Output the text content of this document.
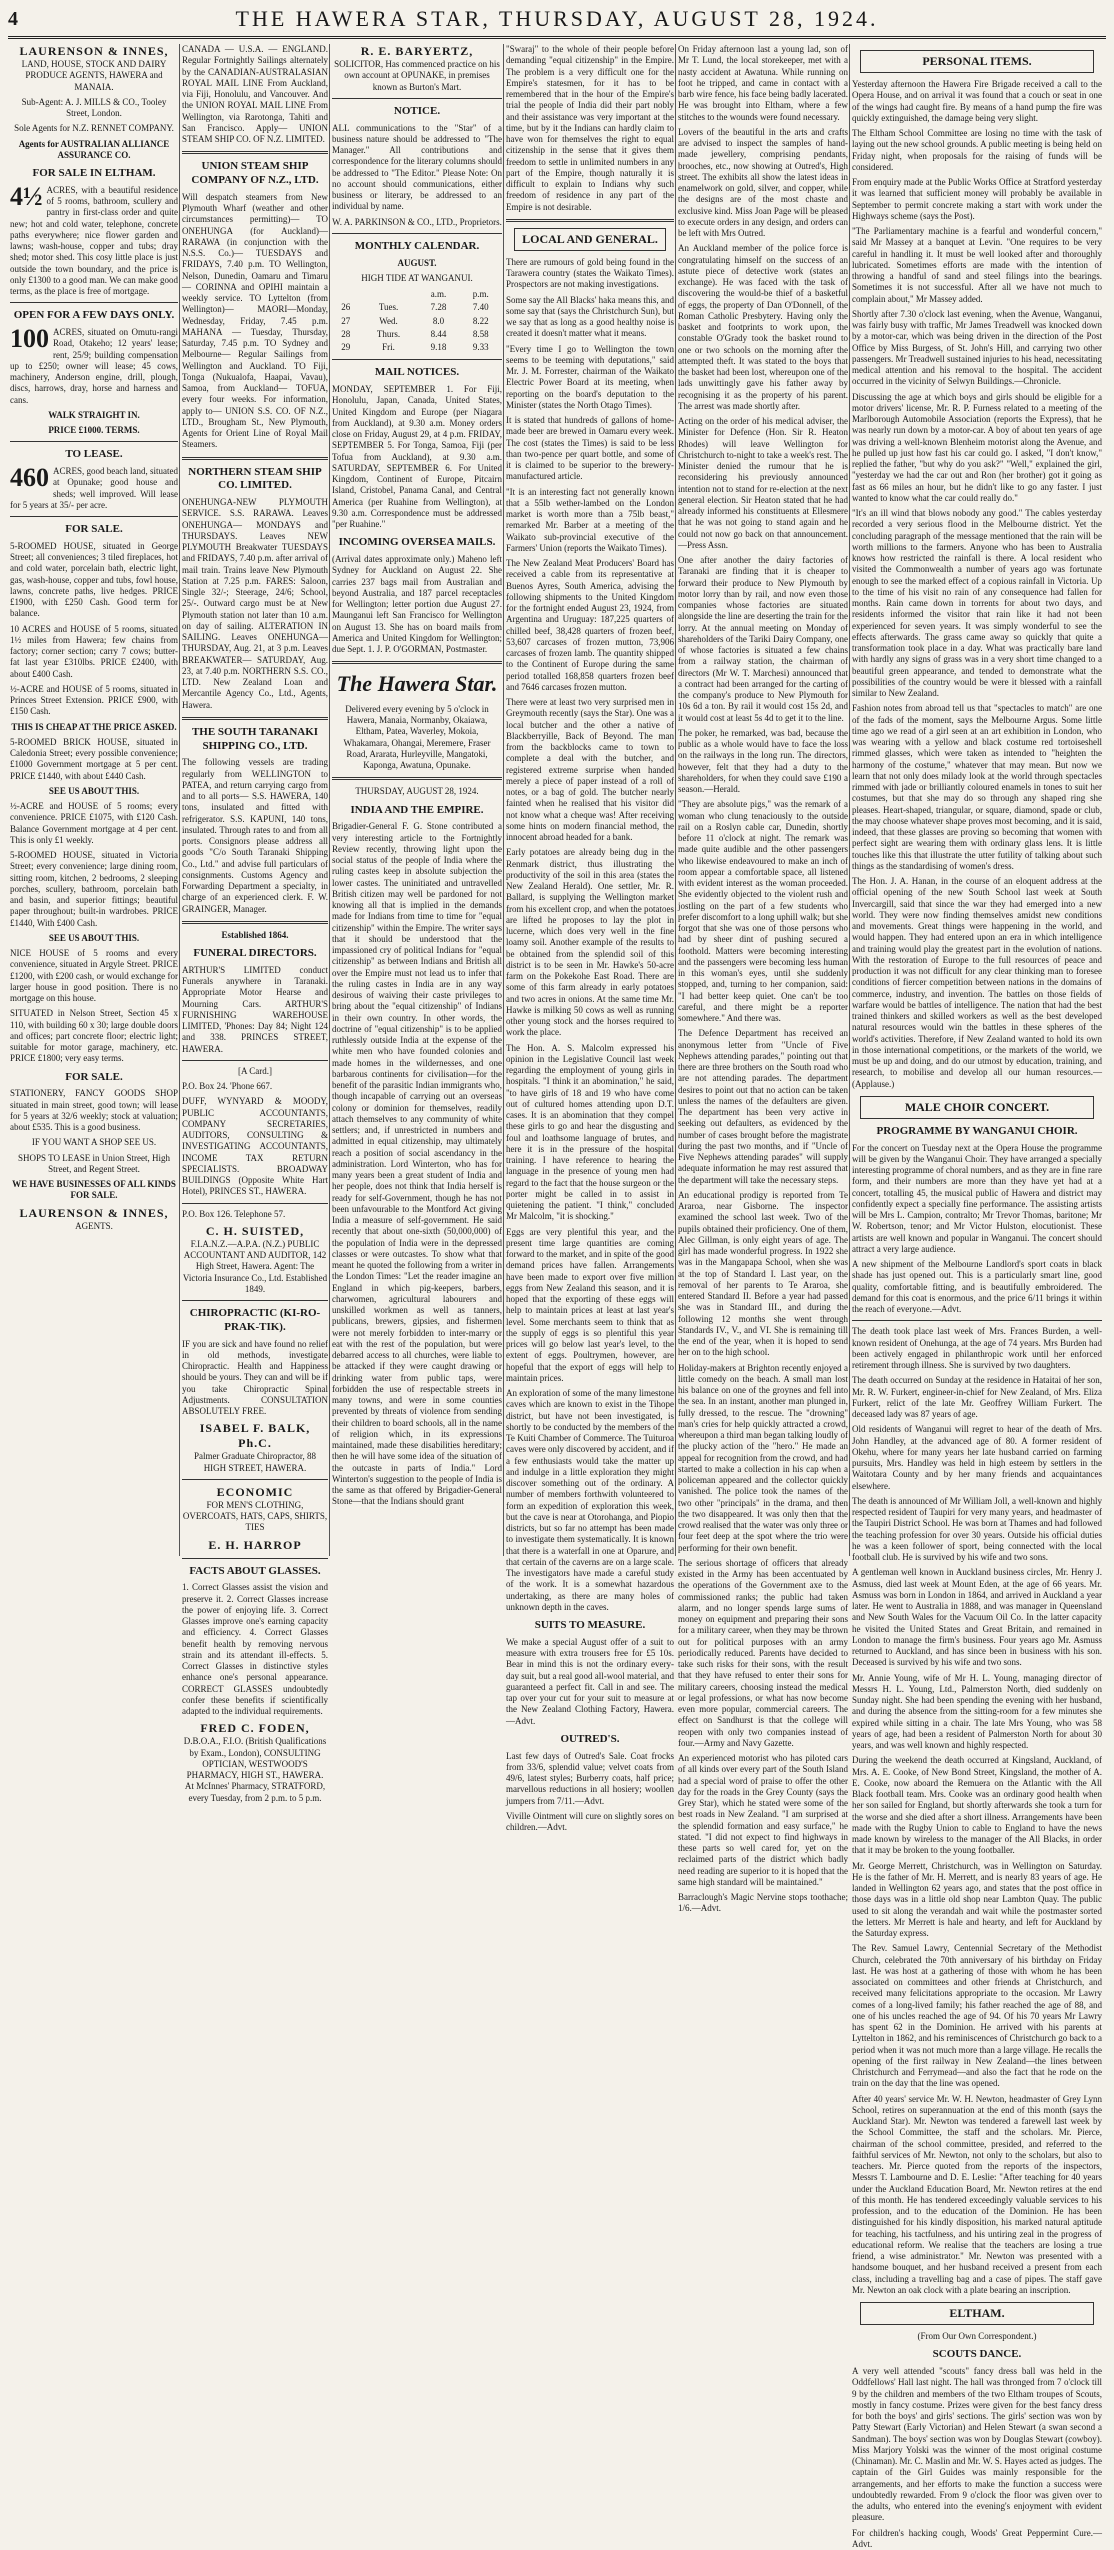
4	THE HAWERA STAR, THURSDAY, AUGUST 28, 1924.
LAURENSON & INNES,

LAND, HOUSE, STOCK AND DAIRY PRODUCE AGENTS, HAWERA and MANAIA.

Sub-Agent: A. J. MILLS & CO., Tooley Street, London.

Sole Agents for N.Z. RENNET COMPANY.

Agents for AUSTRALIAN ALLIANCE ASSURANCE CO.

FOR SALE IN ELTHAM.

4½ ACRES, with a beautiful residence of 5 rooms, bathroom, scullery and pantry in first-class order and quite new; hot and cold water, telephone, concrete paths everywhere; nice flower garden and lawns; wash-house, copper and tubs; dray shed; motor shed. This cosy little place is just outside the town boundary, and the price is only £1300 to a good man. We can make good terms, as the place is free of mortgage.

OPEN FOR A FEW DAYS ONLY.

100 ACRES, situated on Omutu-rangi Road, Otakeho; 12 years' lease; rent, 25/9; building compensation up to £250; owner will lease; 45 cows, machinery, Anderson engine, drill, plough, discs, harrows, dray, horse and harness and cans.

WALK STRAIGHT IN.

PRICE £1000. TERMS.

TO LEASE.

460 ACRES, good beach land, situated at Opunake; good house and sheds; well improved. Will lease for 5 years at 35/- per acre.

FOR SALE.

5-ROOMED HOUSE, situated in George Street; all conveniences; 3 tiled fireplaces, hot and cold water, porcelain bath, electric light, gas, wash-house, copper and tubs, fowl house, lawns, concrete paths, live hedges. PRICE £1900, with £250 Cash. Good term for balance.

10 ACRES and HOUSE of 5 rooms, situated 1½ miles from Hawera; few chains from factory; corner section; carry 7 cows; butter-fat last year £310lbs. PRICE £2400, with about £400 Cash.

½-ACRE and HOUSE of 5 rooms, situated in Princes Street Extension. PRICE £900, with £150 Cash.

THIS IS CHEAP AT THE PRICE ASKED.

5-ROOMED BRICK HOUSE, situated in Caledonia Street; every possible convenience; £1000 Government mortgage at 5 per cent. PRICE £1440, with about £440 Cash.

SEE US ABOUT THIS.

½-ACRE and HOUSE of 5 rooms; every convenience. PRICE £1075, with £120 Cash. Balance Government mortgage at 4 per cent. This is only £1 weekly.

5-ROOMED HOUSE, situated in Victoria Street; every convenience; large dining room, sitting room, kitchen, 2 bedrooms, 2 sleeping porches, scullery, bathroom, porcelain bath and basin, and superior fittings; beautiful paper throughout; built-in wardrobes. PRICE £1440, With £400 Cash.

SEE US ABOUT THIS.

NICE HOUSE of 5 rooms and every convenience, situated in Argyle Street. PRICE £1200, with £200 cash, or would exchange for larger house in good position. There is no mortgage on this house.

SITUATED in Nelson Street, Section 45 x 110, with building 60 x 30; large double doors and offices; part concrete floor; electric light; suitable for motor garage, machinery, etc. PRICE £1800; very easy terms.

FOR SALE.

STATIONERY, FANCY GOODS SHOP situated in main street, good town; will lease for 5 years at 32/6 weekly; stock at valuation; about £535. This is a good business.

IF YOU WANT A SHOP SEE US.

SHOPS TO LEASE in Union Street, High Street, and Regent Street.

WE HAVE BUSINESSES OF ALL KINDS FOR SALE.

LAURENSON & INNES,

AGENTS.

CANADA — U.S.A. — ENGLAND. Regular Fortnightly Sailings alternately by the CANADIAN-AUSTRALASIAN ROYAL MAIL LINE From Auckland, via Fiji, Honolulu, and Vancouver. And the UNION ROYAL MAIL LINE From Wellington, via Rarotonga, Tahiti and San Francisco. Apply— UNION STEAM SHIP CO. OF N.Z. LIMITED.

UNION STEAM SHIP COMPANY OF N.Z., LTD.

Will despatch steamers from New Plymouth Wharf (weather and other circumstances permitting)— TO ONEHUNGA (for Auckland)— RARAWA (in conjunction with the N.S.S. Co.)— TUESDAYS and FRIDAYS, 7.40 p.m. TO Wellington, Nelson, Dunedin, Oamaru and Timaru— CORINNA and OPIHI maintain a weekly service. TO Lyttelton (from Wellington)— MAORI—Monday, Wednesday, Friday, 7.45 p.m. MAHANA — Tuesday, Thursday, Saturday, 7.45 p.m. TO Sydney and Melbourne— Regular Sailings from Wellington and Auckland. TO Fiji, Tonga (Nukualofa, Haapai, Vavau), Samoa, from Auckland— TOFUA, every four weeks. For information, apply to— UNION S.S. CO. OF N.Z., LTD., Brougham St., New Plymouth, Agents for Orient Line of Royal Mail Steamers.

NORTHERN STEAM SHIP CO. LIMITED.

ONEHUNGA-NEW PLYMOUTH SERVICE. S.S. RARAWA. Leaves ONEHUNGA— MONDAYS and THURSDAYS. Leaves NEW PLYMOUTH Breakwater TUESDAYS and FRIDAYS, 7.40 p.m. after arrival of mail train. Trains leave New Plymouth Station at 7.25 p.m. FARES: Saloon, Single 32/-; Steerage, 24/6; School, 25/-. Outward cargo must be at New Plymouth station not later than 10 a.m. on day of sailing. ALTERATION IN SAILING. Leaves ONEHUNGA— THURSDAY, Aug. 21, at 3 p.m. Leaves BREAKWATER— SATURDAY, Aug. 23, at 7.40 p.m. NORTHERN S.S. CO., LTD. New Zealand Loan and Mercantile Agency Co., Ltd., Agents, Hawera.

THE SOUTH TARANAKI SHIPPING CO., LTD.

The following vessels are trading regularly from WELLINGTON to PATEA, and return carrying cargo from and to all ports— S.S. HAWERA, 140 tons, insulated and fitted with refrigerator. S.S. KAPUNI, 140 tons, insulated. Through rates to and from all ports. Consignors please address all goods "C/o South Taranaki Shipping Co., Ltd." and advise full particulars of consignments. Customs Agency and Forwarding Department a specialty, in charge of an experienced clerk. F. W. GRAINGER, Manager.

Established 1864.

FUNERAL DIRECTORS.

ARTHUR'S LIMITED conduct Funerals anywhere in Taranaki. Appropriate Motor Hearse and Mourning Cars. ARTHUR'S FURNISHING WAREHOUSE LIMITED, 'Phones: Day 84; Night 124 and 338. PRINCES STREET, HAWERA.

[A Card.]

P.O. Box 24. 'Phone 667.

DUFF, WYNYARD & MOODY, PUBLIC ACCOUNTANTS, COMPANY SECRETARIES, AUDITORS, CONSULTING & INVESTIGATING ACCOUNTANTS, INCOME TAX RETURN SPECIALISTS. BROADWAY BUILDINGS (Opposite White Hart Hotel), PRINCES ST., HAWERA.

P.O. Box 126. Telephone 57.

C. H. SUISTED,

F.I.A.N.Z.—A.P.A. (N.Z.) PUBLIC ACCOUNTANT AND AUDITOR, 142 High Street, Hawera. Agent: The Victoria Insurance Co., Ltd. Established 1849.

CHIROPRACTIC (KI-RO-PRAK-TIK).

IF you are sick and have found no relief in old methods, investigate Chiropractic. Health and Happiness should be yours. They can and will be if you take Chiropractic Spinal Adjustments. CONSULTATION ABSOLUTELY FREE.

ISABEL F. BALK, Ph.C.

Palmer Graduate Chiropractor, 88 HIGH STREET, HAWERA.

ECONOMIC

FOR MEN'S CLOTHING, OVERCOATS, HATS, CAPS, SHIRTS, TIES

E. H. HARROP
FACTS ABOUT GLASSES.

1. Correct Glasses assist the vision and preserve it. 2. Correct Glasses increase the power of enjoying life. 3. Correct Glasses improve one's earning capacity and efficiency. 4. Correct Glasses benefit health by removing nervous strain and its attendant ill-effects. 5. Correct Glasses in distinctive styles enhance one's personal appearance. CORRECT GLASSES undoubtedly confer these benefits if scientifically adapted to the individual requirements.

FRED C. FODEN,

D.B.O.A., F.I.O. (British Qualifications by Exam., London), CONSULTING OPTICIAN, WESTWOOD'S PHARMACY, HIGH ST., HAWERA. At McInnes' Pharmacy, STRATFORD, every Tuesday, from 2 p.m. to 5 p.m.

R. E. BARYERTZ,

SOLICITOR, Has commenced practice on his own account at OPUNAKE, in premises known as Burton's Mart.

NOTICE.

ALL communications to the "Star" of a business nature should be addressed to "The Manager." All contributions and correspondence for the literary columns should be addressed to "The Editor." Please Note: On no account should communications, either business or literary, be addressed to an individual by name.

W. A. PARKINSON & CO., LTD., Proprietors.

MONTHLY CALENDAR.

AUGUST.

HIGH TIDE AT WANGANUI.

		a.m.	p.m.
26	Tues.	7.28	7.40
27	Wed.	8.0	8.22
28	Thurs.	8.44	8.58
29	Fri.	9.18	9.33
MAIL NOTICES.

MONDAY, SEPTEMBER 1. For Fiji, Honolulu, Japan, Canada, United States, United Kingdom and Europe (per Niagara from Auckland), at 9.30 a.m. Money orders close on Friday, August 29, at 4 p.m. FRIDAY, SEPTEMBER 5. For Tonga, Samoa, Fiji (per Tofua from Auckland), at 9.30 a.m. SATURDAY, SEPTEMBER 6. For United Kingdom, Continent of Europe, Pitcairn Island, Cristobel, Panama Canal, and Central America (per Ruahine from Wellington), at 9.30 a.m. Correspondence must be addressed "per Ruahine."

INCOMING OVERSEA MAILS.

(Arrival dates approximate only.) Maheno left Sydney for Auckland on August 22. She carries 237 bags mail from Australian and beyond Australia, and 187 parcel receptacles for Wellington; letter portion due August 27. Maunganui left San Francisco for Wellington on August 13. She has on board mails from America and United Kingdom for Wellington; due Sept. 1. J. P. O'GORMAN, Postmaster.

The Hawera Star.

Delivered every evening by 5 o'clock in Hawera, Manaia, Normanby, Okaiawa, Eltham, Patea, Waverley, Mokoia, Whakamara, Ohangai, Meremere, Fraser Road, Ararata, Hurleyville, Mangatoki, Kaponga, Awatuna, Opunake.

THURSDAY, AUGUST 28, 1924.

INDIA AND THE EMPIRE.

Brigadier-General F. G. Stone contributed a very interesting article to the Fortnightly Review recently, throwing light upon the social status of the people of India where the ruling castes keep in absolute subjection the lower castes. The uninitiated and untravelled British citizen may well be pardoned for not knowing all that is implied in the demands made for Indians from time to time for "equal citizenship" within the Empire. The writer says that it should be understood that the impassioned cry of political Indians for "equal citizenship" as between Indians and British all over the Empire must not lead us to infer that the ruling castes in India are in any way desirous of waiving their caste privileges to bring about the "equal citizenship" of Indians in their own country. In other words, the doctrine of "equal citizenship" is to be applied ruthlessly outside India at the expense of the white men who have founded colonies and made homes in the wildernesses, and one barbarous continents for civilisation—for the benefit of the parasitic Indian immigrants who, though incapable of carrying out an overseas colony or dominion for themselves, readily attach themselves to any community of white settlers; and, if unrestricted in numbers and admitted in equal citizenship, may ultimately reach a position of social ascendancy in the administration. Lord Winterton, who has for many years been a great student of India and her people, does not think that India herself is ready for self-Government, though he has not been unfavourable to the Montford Act giving India a measure of self-government. He said recently that about one-sixth (50,000,000) of the population of India were in the depressed classes or were outcastes. To show what that meant he quoted the following from a writer in the London Times: "Let the reader imagine an England in which pig-keepers, barbers, charwomen, agricultural labourers and unskilled workmen as well as tanners, publicans, brewers, gipsies, and fishermen were not merely forbidden to inter-marry or eat with the rest of the population, but were debarred access to all churches, were liable to be attacked if they were caught drawing or drinking water from public taps, were forbidden the use of respectable streets in many towns, and were in some counties prevented by threats of violence from sending their children to board schools, all in the name of religion which, in its expressions maintained, made these disabilities hereditary; then he will have some idea of the situation of the outcaste in parts of India." Lord Winterton's suggestion to the people of India is the same as that offered by Brigadier-General Stone—that the Indians should grant

"Swaraj" to the whole of their people before demanding "equal citizenship" in the Empire. The problem is a very difficult one for the Empire's statesmen, for it has to be remembered that in the hour of the Empire's trial the people of India did their part nobly and their assistance was very important at the time, but by it the Indians can hardly claim to have won for themselves the right to equal citizenship in the sense that it gives them freedom to settle in unlimited numbers in any part of the Empire, though naturally it is difficult to explain to Indians why such freedom of residence in any part of the Empire is not desirable.

LOCAL AND GENERAL.

There are rumours of gold being found in the Tarawera country (states the Waikato Times). Prospectors are not making investigations.

Some say the All Blacks' haka means this, and some say that (says the Christchurch Sun), but we say that as long as a good healthy noise is created it doesn't matter what it means.

"Every time I go to Wellington the town seems to be teeming with deputations," said Mr. J. M. Forrester, chairman of the Waikato Electric Power Board at its meeting, when reporting on the board's deputation to the Minister (states the North Otago Times).

It is stated that hundreds of gallons of home-made beer are brewed in Oamaru every week. The cost (states the Times) is said to be less than two-pence per quart bottle, and some of it is claimed to be superior to the brewery-manufactured article.

"It is an interesting fact not generally known that a 55lb wether-lambed on the London market is worth more than a 75lb beast," remarked Mr. Barber at a meeting of the Waikato sub-provincial executive of the Farmers' Union (reports the Waikato Times).

The New Zealand Meat Producers' Board has received a cable from its representative at Buenos Ayres, South America, advising the following shipments to the United Kingdom for the fortnight ended August 23, 1924, from Argentina and Uruguay: 187,225 quarters of chilled beef, 38,428 quarters of frozen beef, 53,607 carcases of frozen mutton, 73,906 carcases of frozen lamb. The quantity shipped to the Continent of Europe during the same period totalled 168,858 quarters frozen beef and 7646 carcases frozen mutton.

There were at least two very surprised men in Greymouth recently (says the Star). One was a local butcher and the other a native of Blackberryille, Back of Beyond. The man from the backblocks came to town to complete a deal with the butcher, and registered extreme surprise when handed merely a piece of paper instead of a roll of notes, or a bag of gold. The butcher nearly fainted when he realised that his visitor did not know what a cheque was! After receiving some hints on modern financial method, the innocent abroad headed for a bank.

Early potatoes are already being dug in the Renmark district, thus illustrating the productivity of the soil in this area (states the New Zealand Herald). One settler, Mr. R. Ballard, is supplying the Wellington market from his excellent crop, and when the potatoes are lifted he proposes to lay the plot in lucerne, which does very well in the fine loamy soil. Another example of the results to be obtained from the splendid soil of this district is to be seen in Mr. Hawke's 50-acre farm on the Pokekohe East Road. There are some of this farm already in early potatoes and two acres in onions. At the same time Mr. Hawke is milking 50 cows as well as running other young stock and the horses required to work the place.

The Hon. A. S. Malcolm expressed his opinion in the Legislative Council last week regarding the employment of young girls in hospitals. "I think it an abomination," he said, "to have girls of 18 and 19 who have come out of cultured homes attending upon D.T. cases. It is an abomination that they compel these girls to go and hear the disgusting and foul and loathsome language of brutes, and here it is in the pressure of the hospital training. I have reference to hearing the language in the presence of young men had regard to the fact that the house surgeon or the porter might be called in to assist in quietening the patient. "I think," concluded Mr Malcolm, "it is shocking."

Eggs are very plentiful this year, and the present time large quantities are coming forward to the market, and in spite of the good demand prices have fallen. Arrangements have been made to export over five million eggs from New Zealand this season, and it is hoped that the exporting of these eggs will help to maintain prices at least at last year's level. Some merchants seem to think that as the supply of eggs is so plentiful this year prices will go below last year's level, to the extent of eggs. Poultrymen, however, are hopeful that the export of eggs will help to maintain prices.

An exploration of some of the many limestone caves which are known to exist in the Tihope district, but have not been investigated, is shortly to be conducted by the members of the Te Kuiti Chamber of Commerce. The Tuituroa caves were only discovered by accident, and if a few enthusiasts would take the matter up and indulge in a little exploration they might discover something out of the ordinary. A number of members forthwith volunteered to form an expedition of exploration this week, but the cave is near at Otorohanga, and Piopio districts, but so far no attempt has been made to investigate them systematically. It is known that there is a waterfall in one at Oparure, and that certain of the caverns are on a large scale. The investigators have made a careful study of the work. It is a somewhat hazardous undertaking, as there are many holes of unknown depth in the caves.

SUITS TO MEASURE.

We make a special August offer of a suit to measure with extra trousers free for £5 10s. Bear in mind this is not the ordinary every-day suit, but a real good all-wool material, and guaranteed a perfect fit. Call in and see. The tap over your cut for your suit to measure at the New Zealand Clothing Factory, Hawera.—Advt.

OUTRED'S.

Last few days of Outred's Sale. Coat frocks from 33/6, splendid value; velvet coats from 49/6, latest styles; Burberry coats, half price; marvellous reductions in all hosiery; woollen jumpers from 7/11.—Advt.

Viville Ointment will cure on slightly sores on children.—Advt.

On Friday afternoon last a young lad, son of Mr T. Lund, the local storekeeper, met with a nasty accident at Awatuna. While running on foot he tripped, and came in contact with a barb wire fence, his face being badly lacerated. He was brought into Eltham, where a few stitches to the wounds were found necessary.

Lovers of the beautiful in the arts and crafts are advised to inspect the samples of hand-made jewellery, comprising pendants, brooches, etc., now showing at Outred's, High street. The exhibits all show the latest ideas in enamelwork on gold, silver, and copper, while the designs are of the most chaste and exclusive kind. Miss Joan Page will be pleased to execute orders in any design, and orders can be left with Mrs Outred.

An Auckland member of the police force is congratulating himself on the success of an astute piece of detective work (states an exchange). He was faced with the task of discovering the would-be thief of a basketful of eggs, the property of Dan O'Donnell, of the Roman Catholic Presbytery. Having only the basket and footprints to work upon, the constable O'Grady took the basket round to one or two schools on the morning after the attempted theft. It was stated to the boys that the basket had been lost, whereupon one of the lads unwittingly gave his father away by recognising it as the property of his parent. The arrest was made shortly after.

Acting on the order of his medical adviser, the Minister for Defence (Hon. Sir R. Heaton Rhodes) will leave Wellington for Christchurch to-night to take a week's rest. The Minister denied the rumour that he is reconsidering his previously announced intention not to stand for re-election at the next general election. Sir Heaton stated that he had already informed his constituents at Ellesmere that he was not going to stand again and he could not now go back on that announcement.—Press Assn.

One after another the dairy factories of Taranaki are finding that it is cheaper to forward their produce to New Plymouth by motor lorry than by rail, and now even those companies whose factories are situated alongside the line are deserting the train for the lorry. At the annual meeting on Monday of shareholders of the Tariki Dairy Company, one of whose factories is situated a few chains from a railway station, the chairman of directors (Mr W. T. Marchesi) announced that a contract had been arranged for the carting of the company's produce to New Plymouth for 10s 6d a ton. By rail it would cost 15s 2d, and it would cost at least 5s 4d to get it to the line.

The poker, he remarked, was bad, because the public as a whole would have to face the loss on the railways in the long run. The directors, however, felt that they had a duty to the shareholders, for when they could save £190 a season.—Herald.

"They are absolute pigs," was the remark of a woman who clung tenaciously to the outside rail on a Roslyn cable car, Dunedin, shortly before 11 o'clock at night. The remark was made quite audible and the other passengers who likewise endeavoured to make an inch of room appear a comfortable space, all listened with evident interest as the woman proceeded. She evidently objected to the violent rush and jostling on the part of a few students who prefer discomfort to a long uphill walk; but she forgot that she was one of those persons who had by sheer dint of pushing secured a foothold. Matters were becoming interesting and the passengers were becoming less human in this woman's eyes, until she suddenly stopped, and, turning to her companion, said: "I had better keep quiet. One can't be too careful, and there might be a reporter somewhere." And there was.

The Defence Department has received an anonymous letter from "Uncle of Five Nephews attending parades," pointing out that there are three brothers on the South road who are not attending parades. The department desires to point out that no action can be taken unless the names of the defaulters are given. The department has been very active in seeking out defaulters, as evidenced by the number of cases brought before the magistrate during the past two months, and if "Uncle of Five Nephews attending parades" will supply adequate information he may rest assured that the department will take the necessary steps.

An educational prodigy is reported from Te Araroa, near Gisborne. The inspector examined the school last week. Two of the pupils obtained their proficiency. One of them, Alec Gillman, is only eight years of age. The girl has made wonderful progress. In 1922 she was in the Mangapapa School, when she was at the top of Standard I. Last year, on the removal of her parents to Te Araroa, she entered Standard II. Before a year had passed she was in Standard III., and during the following 12 months she went through Standards IV., V., and VI. She is remaining till the end of the year, when it is hoped to send her on to the high school.

Holiday-makers at Brighton recently enjoyed a little comedy on the beach. A small man lost his balance on one of the groynes and fell into the sea. In an instant, another man plunged in, fully dressed, to the rescue. The "drowning" man's cries for help quickly attracted a crowd, whereupon a third man began talking loudly of the plucky action of the "hero." He made an appeal for recognition from the crowd, and had started to make a collection in his cap when a policeman appeared and the collector quickly vanished. The police took the names of the two other "principals" in the drama, and then the two disappeared. It was only then that the crowd realised that the water was only three or four feet deep at the spot where the trio were performing for their own benefit.

The serious shortage of officers that already existed in the Army has been accentuated by the operations of the Government axe to the commissioned ranks; the public had taken alarm, and no longer spends large sums of money on equipment and preparing their sons for a military career, when they may be thrown out for political purposes with an army periodically reduced. Parents have decided to take such risks for their sons, with the result that they have refused to enter their sons for military careers, choosing instead the medical or legal professions, or what has now become even more popular, commercial careers. The effect on Sandhurst is that the college will reopen with only two companies instead of four.—Army and Navy Gazette.

An experienced motorist who has piloted cars of all kinds over every part of the South Island had a special word of praise to offer the other day for the roads in the Grey County (says the Grey Star), which he stated were some of the best roads in New Zealand. "I am surprised at the splendid formation and easy surface," he stated. "I did not expect to find highways in these parts so well cared for, yet on the reclaimed parts of the district which badly need reading are superior to it is hoped that the same high standard will be maintained."

Barraclough's Magic Nervine stops toothache; 1/6.—Advt.

PERSONAL ITEMS.

Yesterday afternoon the Hawera Fire Brigade received a call to the Opera House, and on arrival it was found that a couch or seat in one of the wings had caught fire. By means of a hand pump the fire was quickly extinguished, the damage being very slight.

The Eltham School Committee are losing no time with the task of laying out the new school grounds. A public meeting is being held on Friday night, when proposals for the raising of funds will be considered.

From enquiry made at the Public Works Office at Stratford yesterday it was learned that sufficient money will probably be available in September to permit concrete making a start with work under the Highways scheme (says the Post).

"The Parliamentary machine is a fearful and wonderful concern," said Mr Massey at a banquet at Levin. "One requires to be very careful in handling it. It must be well looked after and thoroughly lubricated. Sometimes efforts are made with the intention of throwing a handful of sand and steel filings into the bearings. Sometimes it is not successful. After all we have not much to complain about," Mr Massey added.

Shortly after 7.30 o'clock last evening, when the Avenue, Wanganui, was fairly busy with traffic, Mr James Treadwell was knocked down by a motor-car, which was being driven in the direction of the Post Office by Miss Burgess, of St. John's Hill, and carrying two other passengers. Mr Treadwell sustained injuries to his head, necessitating medical attention and his removal to the hospital. The accident occurred in the vicinity of Selwyn Buildings.—Chronicle.

Discussing the age at which boys and girls should be eligible for a motor drivers' license, Mr. R. P. Furness related to a meeting of the Marlborough Automobile Association (reports the Express), that he was nearly run down by a motor-car. A boy of about ten years of age was driving a well-known Blenheim motorist along the Avenue, and he pulled up just how fast his car could go. I asked, "I don't know," replied the father, "but why do you ask?" "Well," explained the girl, "yesterday we had the car out and Ron (her brother) got it going as fast as 66 miles an hour, but he didn't like to go any faster. I just wanted to know what the car could really do."

"It's an ill wind that blows nobody any good." The cables yesterday recorded a very serious flood in the Melbourne district. Yet the concluding paragraph of the message mentioned that the rain will be worth millions to the farmers. Anyone who has been to Australia knows how restricted the rainfall is there. A local resident who visited the Commonwealth a number of years ago was fortunate enough to see the marked effect of a copious rainfall in Victoria. Up to the time of his visit no rain of any consequence had fallen for months. Rain came down in torrents for about two days, and residents informed the visitor that rain like it had not been experienced for seven years. It was simply wonderful to see the effects afterwards. The grass came away so quickly that quite a transformation took place in a day. What was practically bare land with hardly any signs of grass was in a very short time changed to a beautiful green appearance, and tended to demonstrate what the possibilities of the country would be were it blessed with a rainfall similar to New Zealand.

Fashion notes from abroad tell us that "spectacles to match" are one of the fads of the moment, says the Melbourne Argus. Some little time ago we read of a girl seen at an art exhibition in London, who was wearing with a yellow and black costume red tortoiseshell rimmed glasses, which were taken as intended to "heighten the harmony of the costume," whatever that may mean. But now we learn that not only does milady look at the world through spectacles rimmed with jade or brilliantly coloured enamels in tones to suit her costumes, but that she may do so through any shaped ring she pleases. Heart-shaped, triangular, or square, diamond, spade or club, the may choose whatever shape proves most becoming, and it is said, indeed, that these glasses are proving so becoming that women with perfect sight are wearing them with ordinary glass lens. It is little touches like this that illustrate the utter futility of talking about such things as the standardising of women's dress.

The Hon. J. A. Hanan, in the course of an eloquent address at the official opening of the new South School last week at South Invercargill, said that since the war they had emerged into a new world. They were now finding themselves amidst new conditions and movements. Great things were happening in the world, and would happen. They had entered upon an era in which intelligence and training would play the greatest part in the evolution of nations. With the restoration of Europe to the full resources of peace and production it was not difficult for any clear thinking man to foresee conditions of fiercer competition between nations in the domains of commerce, industry, and invention. The battles on those fields of warfare would be battles of intelligence. The nation that had the best trained thinkers and skilled workers as well as the best developed natural resources would win the battles in these spheres of the world's activities. Therefore, if New Zealand wanted to hold its own in those international competitions, or the markets of the world, we must be up and doing, and do our utmost by education, training, and research, to mobilise and develop all our human resources.—(Applause.)

MALE CHOIR CONCERT.
PROGRAMME BY WANGANUI CHOIR.

For the concert on Tuesday next at the Opera House the programme will be given by the Wanganui Choir. They have arranged a specially interesting programme of choral numbers, and as they are in fine rare form, and their numbers are more than they have yet had at a concert, totalling 45, the musical public of Hawera and district may confidently expect a specially fine performance. The assisting artists will be Mrs L. Campion, contralto; Mr Trevor Thomas, baritone; Mr W. Robertson, tenor; and Mr Victor Hulston, elocutionist. These artists are well known and popular in Wanganui. The concert should attract a very large audience.

A new shipment of the Melbourne Landlord's sport coats in black shade has just opened out. This is a particularly smart line, good quality, comfortable fitting, and is beautifully embroidered. The demand for this coat is enormous, and the price 6/11 brings it within the reach of everyone.—Advt.

The death took place last week of Mrs. Frances Burden, a well-known resident of Onehunga, at the age of 74 years. Mrs Burden had been actively engaged in philanthropic work until her enforced retirement through illness. She is survived by two daughters.

The death occurred on Sunday at the residence in Hataitai of her son, Mr. R. W. Furkert, engineer-in-chief for New Zealand, of Mrs. Eliza Furkert, relict of the late Mr. Geoffrey William Furkert. The deceased lady was 87 years of age.

Old residents of Wanganui will regret to hear of the death of Mrs. John Handley, at the advanced age of 80. A former resident of Okehu, where for many years her late husband carried on farming pursuits, Mrs. Handley was held in high esteem by settlers in the Waitotara County and by her many friends and acquaintances elsewhere.

The death is announced of Mr William Joll, a well-known and highly respected resident of Taupiri for very many years, and headmaster of the Taupiri District School. He was born at Thames and had followed the teaching profession for over 30 years. Outside his official duties he was a keen follower of sport, being connected with the local football club. He is survived by his wife and two sons.

A gentleman well known in Auckland business circles, Mr. Henry J. Asmuss, died last week at Mount Eden, at the age of 66 years. Mr. Asmuss was born in London in 1864, and arrived in Auckland a year later. He went to Australia in 1888, and was manager in Queensland and New South Wales for the Vacuum Oil Co. In the latter capacity he visited the United States and Great Britain, and remained in London to manage the firm's business. Four years ago Mr. Asmuss returned to Auckland, and has since been in business with his son. Deceased is survived by his wife and two sons.

Mr. Annie Young, wife of Mr H. L. Young, managing director of Messrs H. L. Young, Ltd., Palmerston North, died suddenly on Sunday night. She had been spending the evening with her husband, and during the absence from the sitting-room for a few minutes she expired while sitting in a chair. The late Mrs Young, who was 58 years of age, had been a resident of Palmerston North for about 30 years, and was well known and highly respected.

During the weekend the death occurred at Kingsland, Auckland, of Mrs. A. E. Cooke, of New Bond Street, Kingsland, the mother of A. E. Cooke, now aboard the Remuera on the Atlantic with the All Black football team. Mrs. Cooke was an ordinary good health when her son sailed for England, but shortly afterwards she took a turn for the worse and she died after a short illness. Arrangements have been made with the Rugby Union to cable to England to have the news made known by wireless to the manager of the All Blacks, in order that it may be broken to the young footballer.

Mr. George Merrett, Christchurch, was in Wellington on Saturday. He is the father of Mr. H. Merrett, and is nearly 83 years of age. He landed in Wellington 62 years ago, and states that the post office in those days was in a little old shop near Lambton Quay. The public used to sit along the verandah and wait while the postmaster sorted the letters. Mr Merrett is hale and hearty, and left for Auckland by the Saturday express.

The Rev. Samuel Lawry, Centennial Secretary of the Methodist Church, celebrated the 70th anniversary of his birthday on Friday last. He was host at a gathering of those with whom he has been associated on committees and other friends at Christchurch, and received many felicitations appropriate to the occasion. Mr Lawry comes of a long-lived family; his father reached the age of 88, and one of his uncles reached the age of 94. Of his 70 years Mr Lawry has spent 62 in the Dominion. He arrived with his parents at Lyttelton in 1862, and his reminiscences of Christchurch go back to a period when it was not much more than a large village. He recalls the opening of the first railway in New Zealand—the lines between Christchurch and Ferrymead—and also the fact that he rode on the train on the day that the line was opened.

After 40 years' service Mr. W. H. Newton, headmaster of Grey Lynn School, retires on superannuation at the end of this month (says the Auckland Star). Mr. Newton was tendered a farewell last week by the School Committee, the staff and the scholars. Mr. Pierce, chairman of the school committee, presided, and referred to the faithful services of Mr. Newton, not only to the scholars, but also to teachers. Mr. Pierce quoted from the reports of the inspectors, Messrs T. Lambourne and D. E. Leslie: "After teaching for 40 years under the Auckland Education Board, Mr. Newton retires at the end of this month. He has tendered exceedingly valuable services to his profession, and to the education of the Dominion. He has been distinguished for his kindly disposition, his marked natural aptitude for teaching, his tactfulness, and his untiring zeal in the progress of educational reform. We realise that the teachers are losing a true friend, a wise administrator." Mr. Newton was presented with a handsome bouquet, and her husband received a present from each class, including a travelling bag and a case of pipes. The staff gave Mr. Newton an oak clock with a plate bearing an inscription.

ELTHAM.

(From Our Own Correspondent.)

SCOUTS DANCE.

A very well attended "scouts" fancy dress ball was held in the Oddfellows' Hall last night. The hall was thronged from 7 o'clock till 9 by the children and members of the two Eltham troupes of Scouts, mostly in fancy costume. Prizes were given for the best fancy dress for both the boys' and girls' sections. The girls' section was won by Patty Stewart (Early Victorian) and Helen Stewart (a swan second a Sandman). The boys' section was won by Douglas Stewart (cowboy). Miss Marjory Yolski was the winner of the most original costume (Chinaman). Mr. C. Maslin and Mr. W. S. Hayes acted as judges. The captain of the Girl Guides was mainly responsible for the arrangements, and her efforts to make the function a success were undoubtedly rewarded. From 9 o'clock the floor was given over to the adults, who entered into the evening's enjoyment with evident pleasure.

For children's hacking cough, Woods' Great Peppermint Cure.—Advt.
